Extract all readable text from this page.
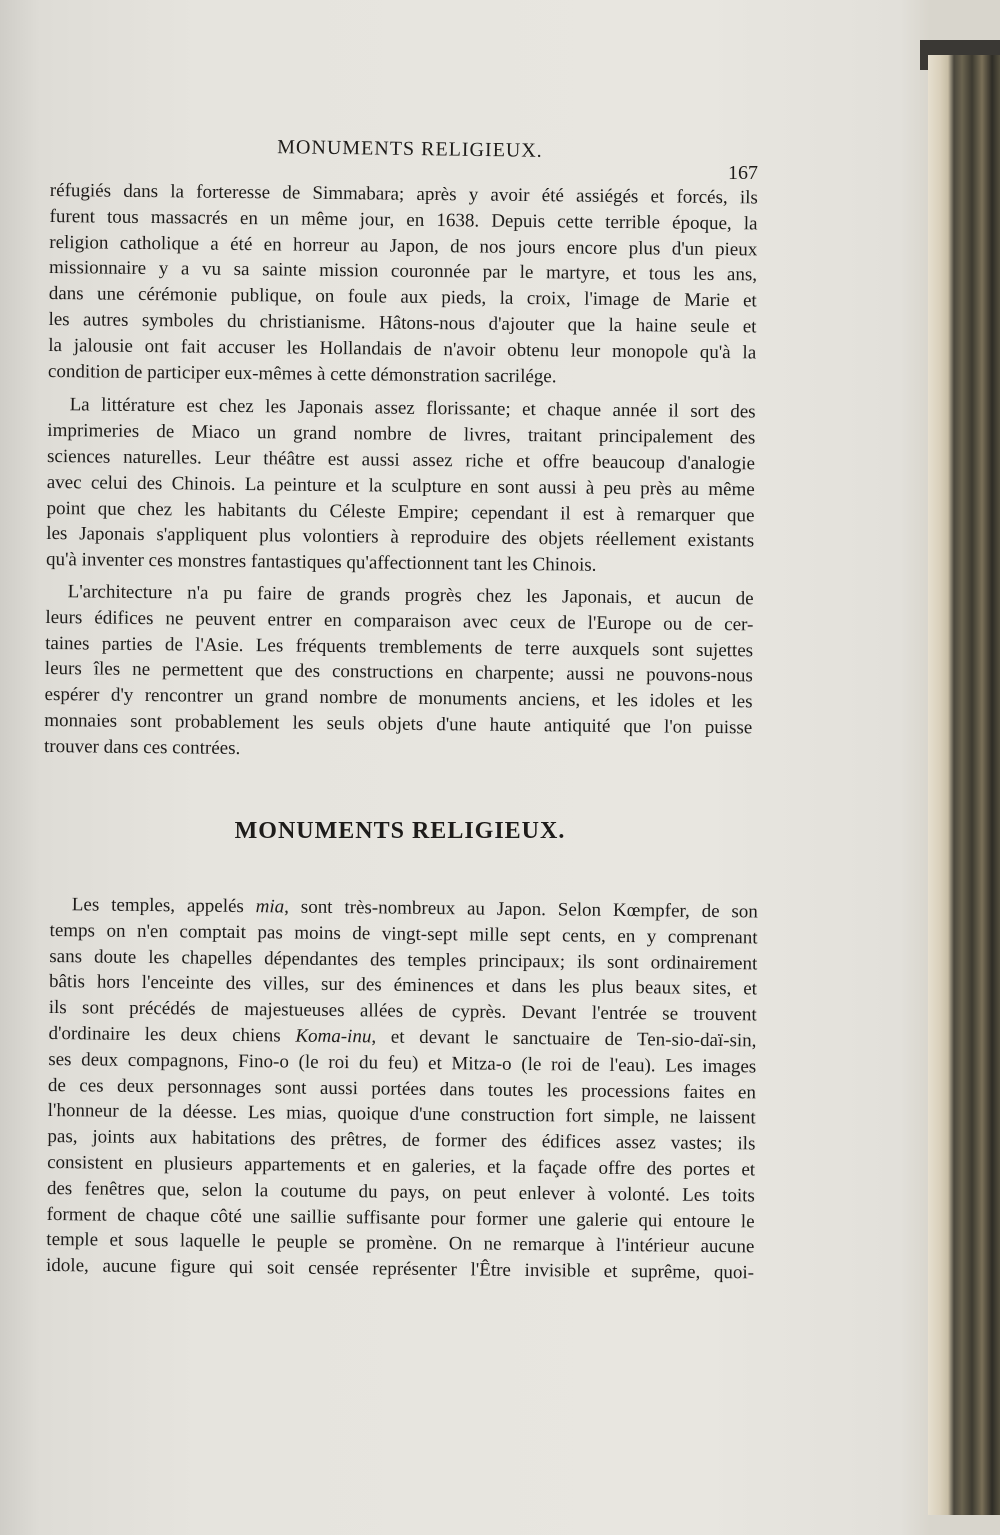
MONUMENTS RELIGIEUX.
167
réfugiés dans la forteresse de Simmabara; après y avoir été assiégés et forcés, ils
furent tous massacrés en un même jour, en 1638. Depuis cette terrible époque, la
religion catholique a été en horreur au Japon, de nos jours encore plus d'un pieux
missionnaire y a vu sa sainte mission couronnée par le martyre, et tous les ans,
dans une cérémonie publique, on foule aux pieds, la croix, l'image de Marie et
les autres symboles du christianisme. Hâtons-nous d'ajouter que la haine seule et
la jalousie ont fait accuser les Hollandais de n'avoir obtenu leur monopole qu'à la
condition de participer eux-mêmes à cette démonstration sacrilége.
La littérature est chez les Japonais assez florissante; et chaque année il sort des
imprimeries de Miaco un grand nombre de livres, traitant principalement des
sciences naturelles. Leur théâtre est aussi assez riche et offre beaucoup d'analogie
avec celui des Chinois. La peinture et la sculpture en sont aussi à peu près au même
point que chez les habitants du Céleste Empire; cependant il est à remarquer que
les Japonais s'appliquent plus volontiers à reproduire des objets réellement existants
qu'à inventer ces monstres fantastiques qu'affectionnent tant les Chinois.
L'architecture n'a pu faire de grands progrès chez les Japonais, et aucun de
leurs édifices ne peuvent entrer en comparaison avec ceux de l'Europe ou de cer-
taines parties de l'Asie. Les fréquents tremblements de terre auxquels sont sujettes
leurs îles ne permettent que des constructions en charpente; aussi ne pouvons-nous
espérer d'y rencontrer un grand nombre de monuments anciens, et les idoles et les
monnaies sont probablement les seuls objets d'une haute antiquité que l'on puisse
trouver dans ces contrées.
MONUMENTS RELIGIEUX.
Les temples, appelés mia, sont très-nombreux au Japon. Selon Kœmpfer, de son
temps on n'en comptait pas moins de vingt-sept mille sept cents, en y comprenant
sans doute les chapelles dépendantes des temples principaux; ils sont ordinairement
bâtis hors l'enceinte des villes, sur des éminences et dans les plus beaux sites, et
ils sont précédés de majestueuses allées de cyprès. Devant l'entrée se trouvent
d'ordinaire les deux chiens Koma-inu, et devant le sanctuaire de Ten-sio-daï-sin,
ses deux compagnons, Fino-o (le roi du feu) et Mitza-o (le roi de l'eau). Les images
de ces deux personnages sont aussi portées dans toutes les processions faites en
l'honneur de la déesse. Les mias, quoique d'une construction fort simple, ne laissent
pas, joints aux habitations des prêtres, de former des édifices assez vastes; ils
consistent en plusieurs appartements et en galeries, et la façade offre des portes et
des fenêtres que, selon la coutume du pays, on peut enlever à volonté. Les toits
forment de chaque côté une saillie suffisante pour former une galerie qui entoure le
temple et sous laquelle le peuple se promène. On ne remarque à l'intérieur aucune
idole, aucune figure qui soit censée représenter l'Être invisible et suprême, quoi-
